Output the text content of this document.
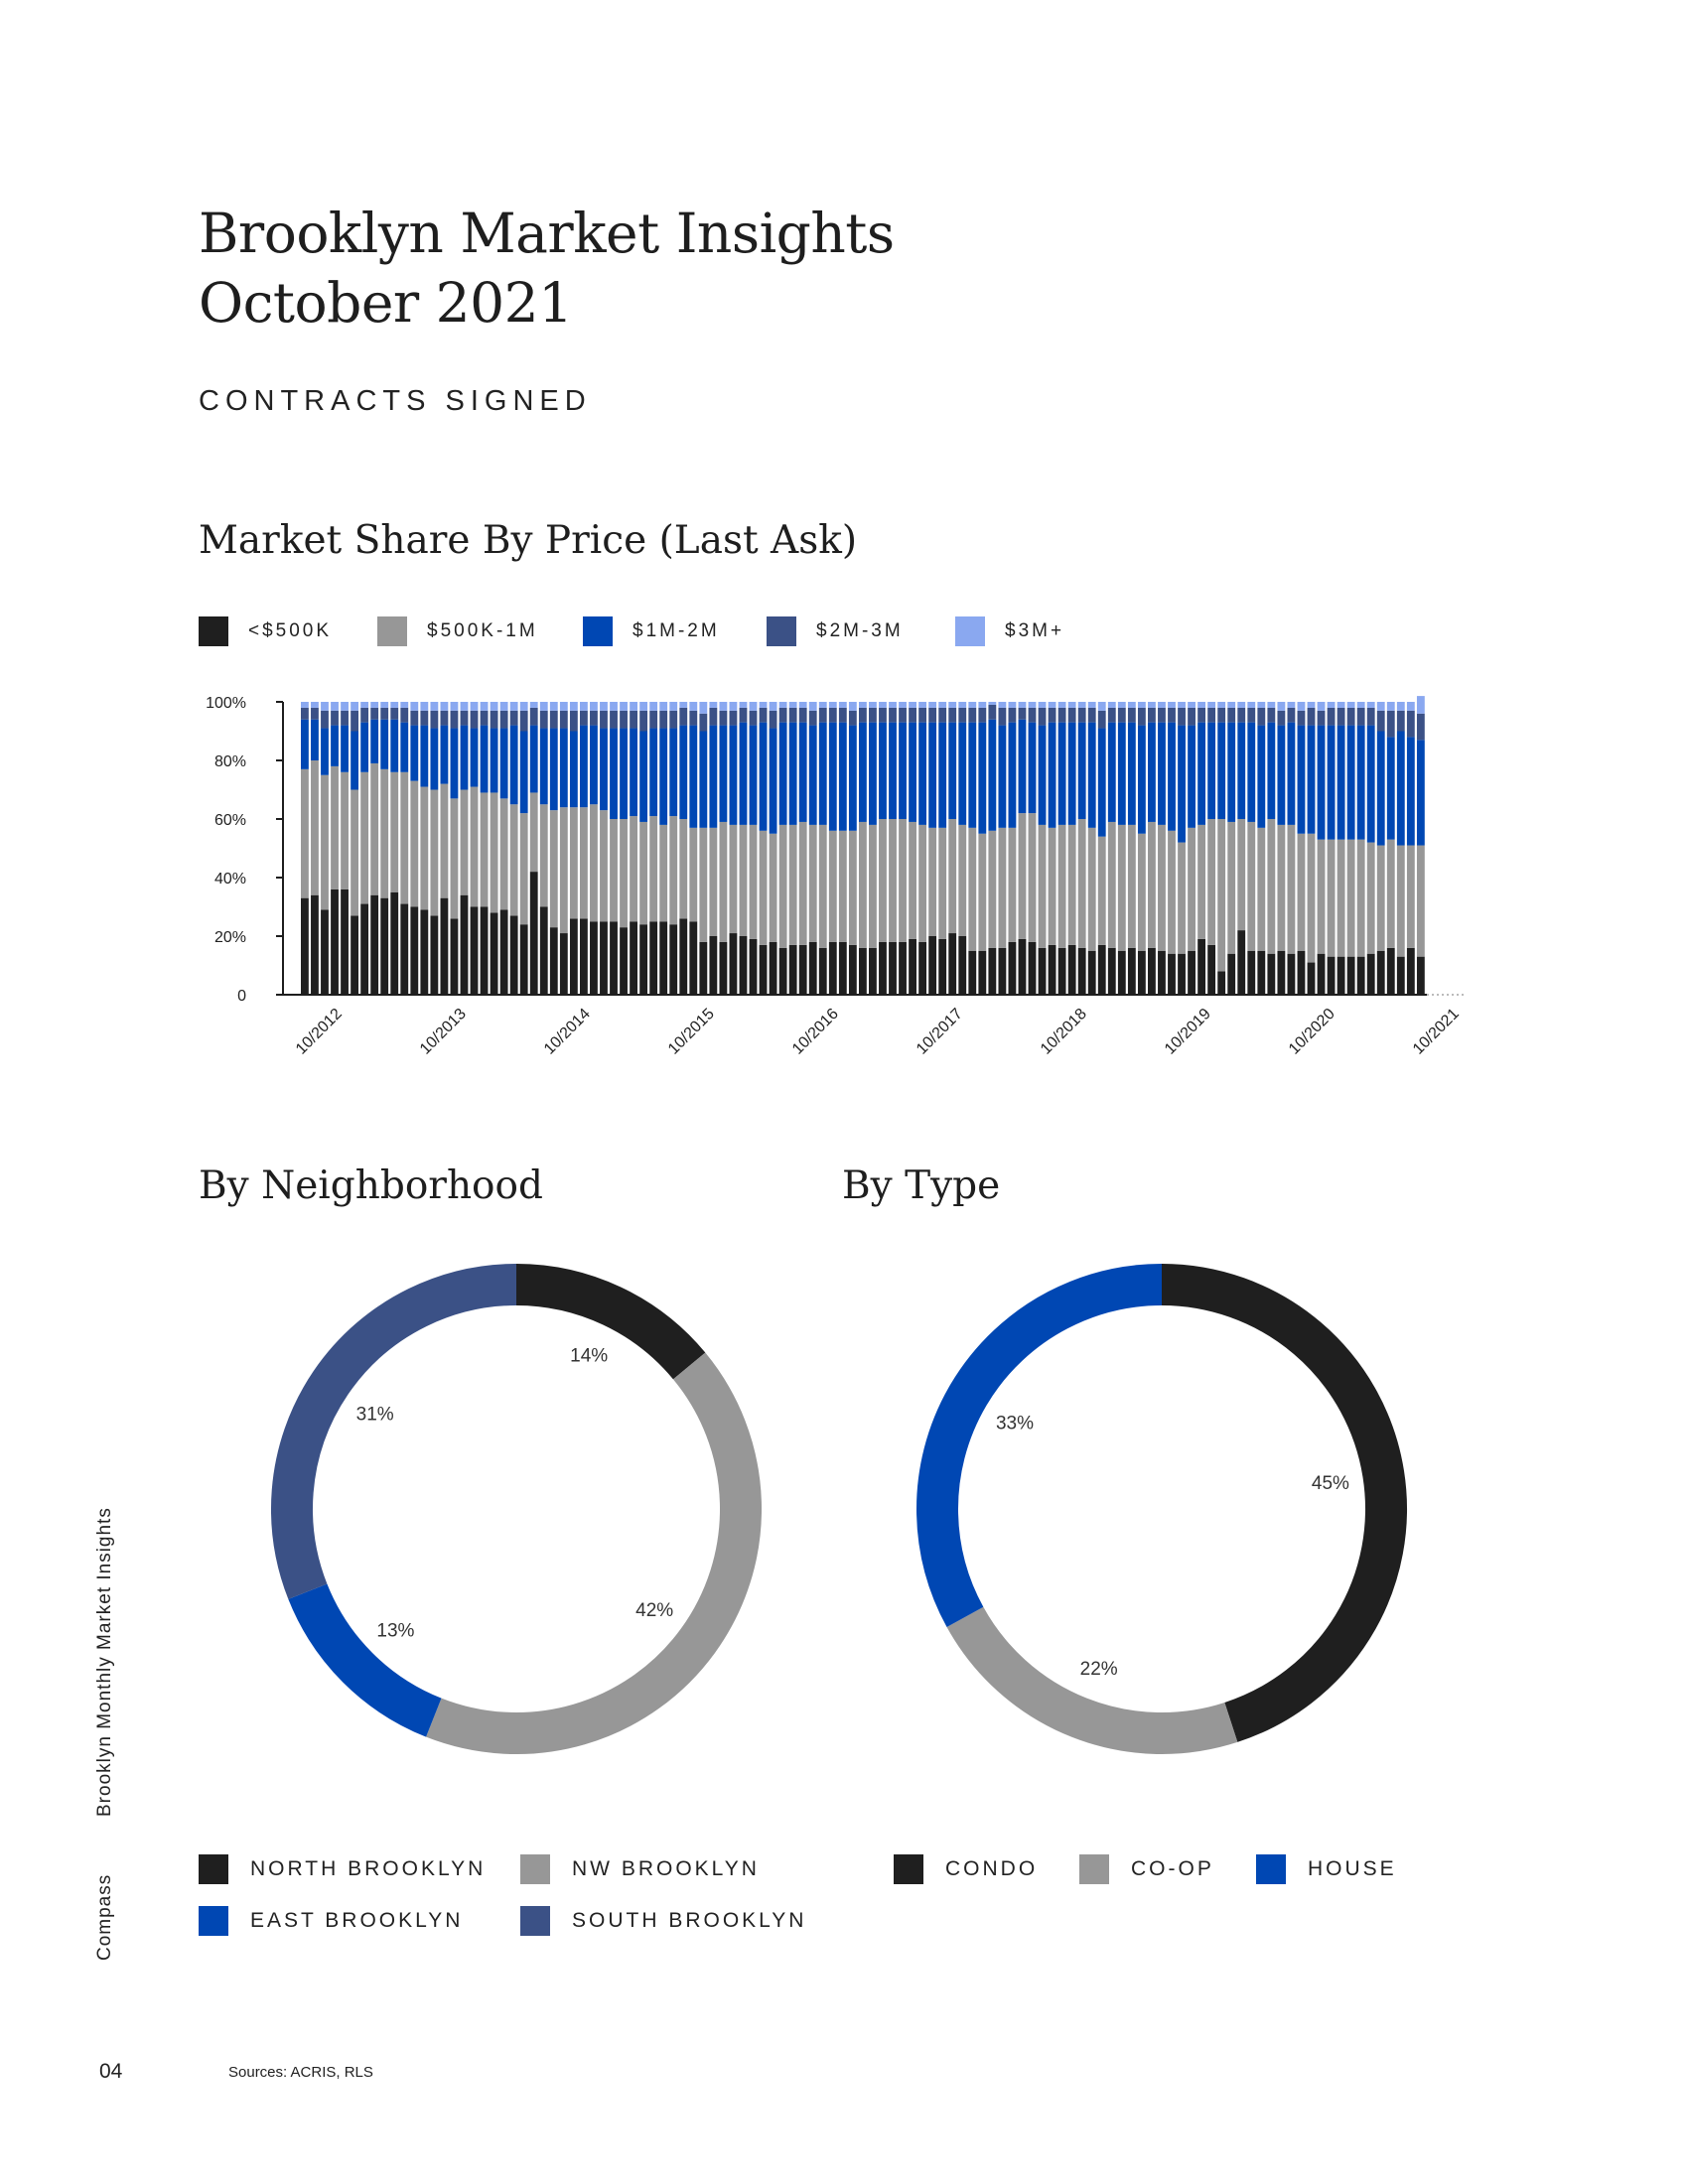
Brooklyn Market Insights
October 2021
CONTRACTS SIGNED
Market Share By Price (Last Ask)
<$500K	$500K-1M	$1M-2M	$2M-3M	$3M+
0
20%
40%
60%
80%
100%
10/2012	10/2013	10/2014	10/2015	10/2016	10/2017	10/2018	10/2019	10/2020	10/2021
By Neighborhood	By Type
14%
42%
13%
31%
45%
22%
33%
NORTH BROOKLYN	NW BROOKLYN
EAST BROOKLYN	SOUTH BROOKLYN
CONDO	CO-OP	HOUSE
Brooklyn Monthly Market Insights
Compass
04	Sources: ACRIS, RLS
